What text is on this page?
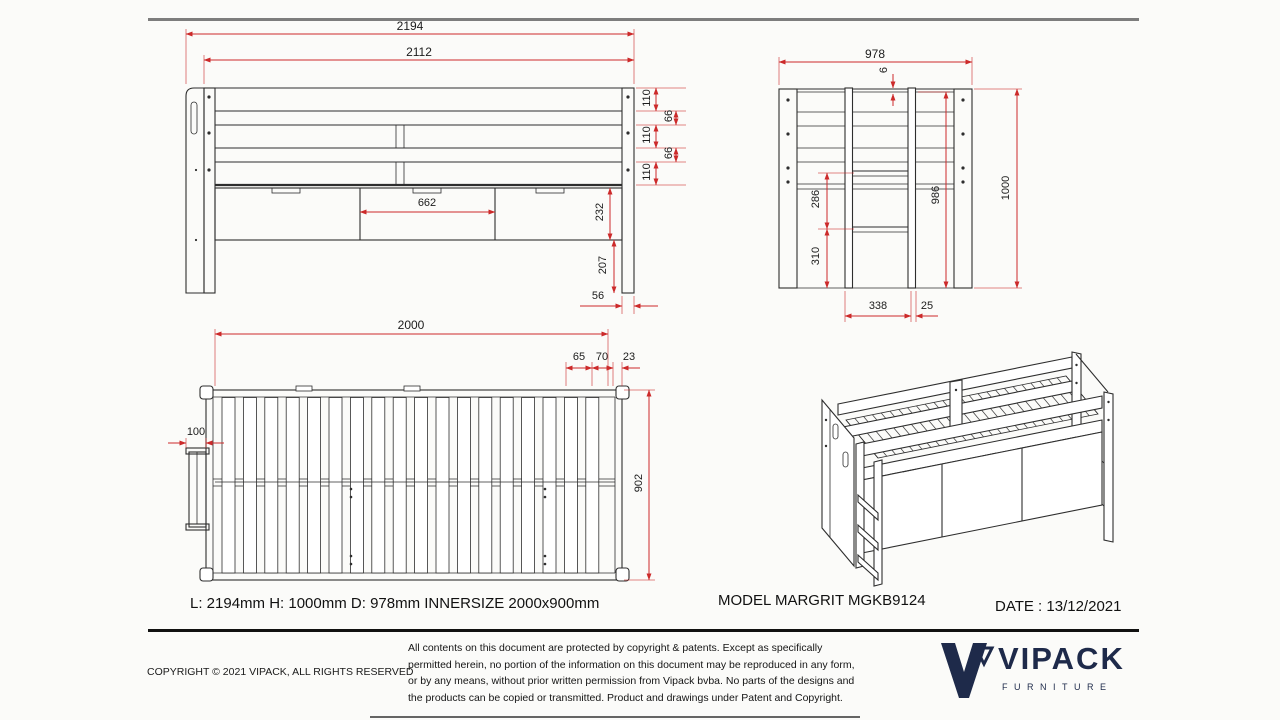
2194
2112
110
66
110
66
110
662	232
207
56
978
6
986	1000
286
310
338	25
2000
65 70	23
100
902
L: 2194mm H: 1000mm D: 978mm INNERSIZE 2000x900mm	MODEL MARGRIT MGKB9124	DATE : 13/12/2021
COPYRIGHT © 2021 VIPACK, ALL RIGHTS RESERVED
All contents on this document are protected by copyright & patents. Except as specifically permitted herein, no portion of the information on this document may be reproduced in any form, or by any means, without prior written permission from Vipack bvba. No parts of the designs and the products can be copied or transmitted. Product and drawings under Patent and Copyright.
VIPACK
FURNITURE
